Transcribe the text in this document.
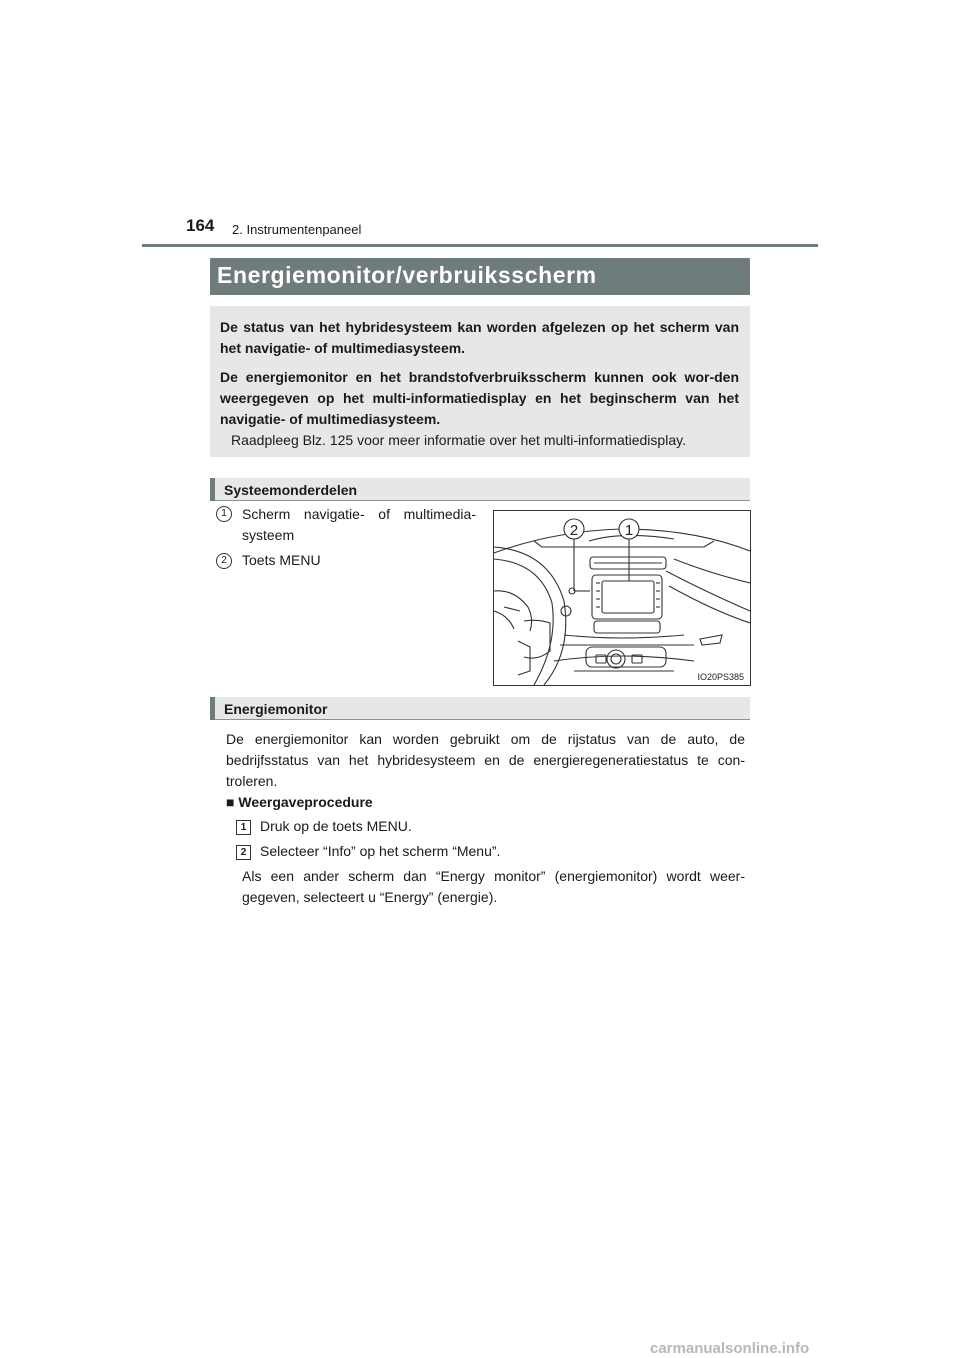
164 2. Instrumentenpaneel
Energiemonitor/verbruiksscherm

De status van het hybridesysteem kan worden afgelezen op het scherm van het navigatie- of multimediasysteem.

De energiemonitor en het brandstofverbruiksscherm kunnen ook wor-den weergegeven op het multi-informatiedisplay en het beginscherm van het navigatie- of multimediasysteem.

Raadpleeg Blz. 125 voor meer informatie over het multi-informatiedisplay.
Systeemonderdelen
1	Scherm navigatie- of multimedia-
systeem
2	Toets MENU
2	1
IO20PS385
Energiemonitor
De energiemonitor kan worden gebruikt om de rijstatus van de auto, de
bedrijfsstatus van het hybridesysteem en de energieregeneratiestatus te con-
troleren.
■ Weergaveprocedure
1 Druk op de toets MENU.
2 Selecteer “Info” op het scherm “Menu”.
Als een ander scherm dan “Energy monitor” (energiemonitor) wordt weer-
gegeven, selecteert u “Energy” (energie).
carmanualsonline.info
